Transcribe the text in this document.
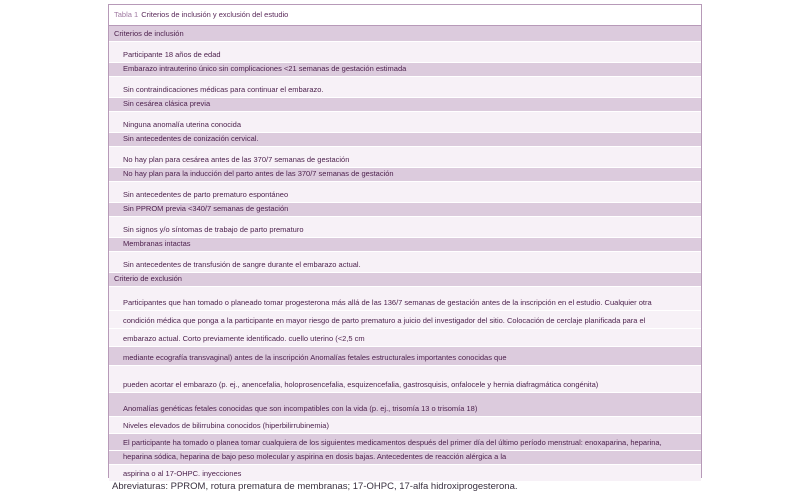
Tabla 1 Criterios de inclusión y exclusión del estudio
Criterios de inclusión
Participante 18 años de edad
Embarazo intrauterino único sin complicaciones <21 semanas de gestación estimada
Sin contraindicaciones médicas para continuar el embarazo.
Sin cesárea clásica previa
Ninguna anomalía uterina conocida
Sin antecedentes de conización cervical.
No hay plan para cesárea antes de las 370/7 semanas de gestación
No hay plan para la inducción del parto antes de las 370/7 semanas de gestación
Sin antecedentes de parto prematuro espontáneo
Sin PPROM previa <340/7 semanas de gestación
Sin signos y/o síntomas de trabajo de parto prematuro
Membranas intactas
Sin antecedentes de transfusión de sangre durante el embarazo actual.
Criterio de exclusión
Participantes que han tomado o planeado tomar progesterona más allá de las 136/7 semanas de gestación antes de la inscripción en el estudio. Cualquier otra
condición médica que ponga a la participante en mayor riesgo de parto prematuro a juicio del investigador del sitio. Colocación de cerclaje planificada para el
embarazo actual. Corto previamente identificado. cuello uterino (<2,5 cm
mediante ecografía transvaginal) antes de la inscripción Anomalías fetales estructurales importantes conocidas que
pueden acortar el embarazo (p. ej., anencefalia, holoprosencefalia, esquizencefalia, gastrosquisis, onfalocele y hernia diafragmática congénita)
Anomalías genéticas fetales conocidas que son incompatibles con la vida (p. ej., trisomía 13 o trisomía 18)
Niveles elevados de bilirrubina conocidos (hiperbilirrubinemia)
El participante ha tomado o planea tomar cualquiera de los siguientes medicamentos después del primer día del último período menstrual: enoxaparina, heparina,
heparina sódica, heparina de bajo peso molecular y aspirina en dosis bajas. Antecedentes de reacción alérgica a la
aspirina o al 17-OHPC. inyecciones
Abreviaturas: PPROM, rotura prematura de membranas; 17-OHPC, 17-alfa hidroxiprogesterona.
